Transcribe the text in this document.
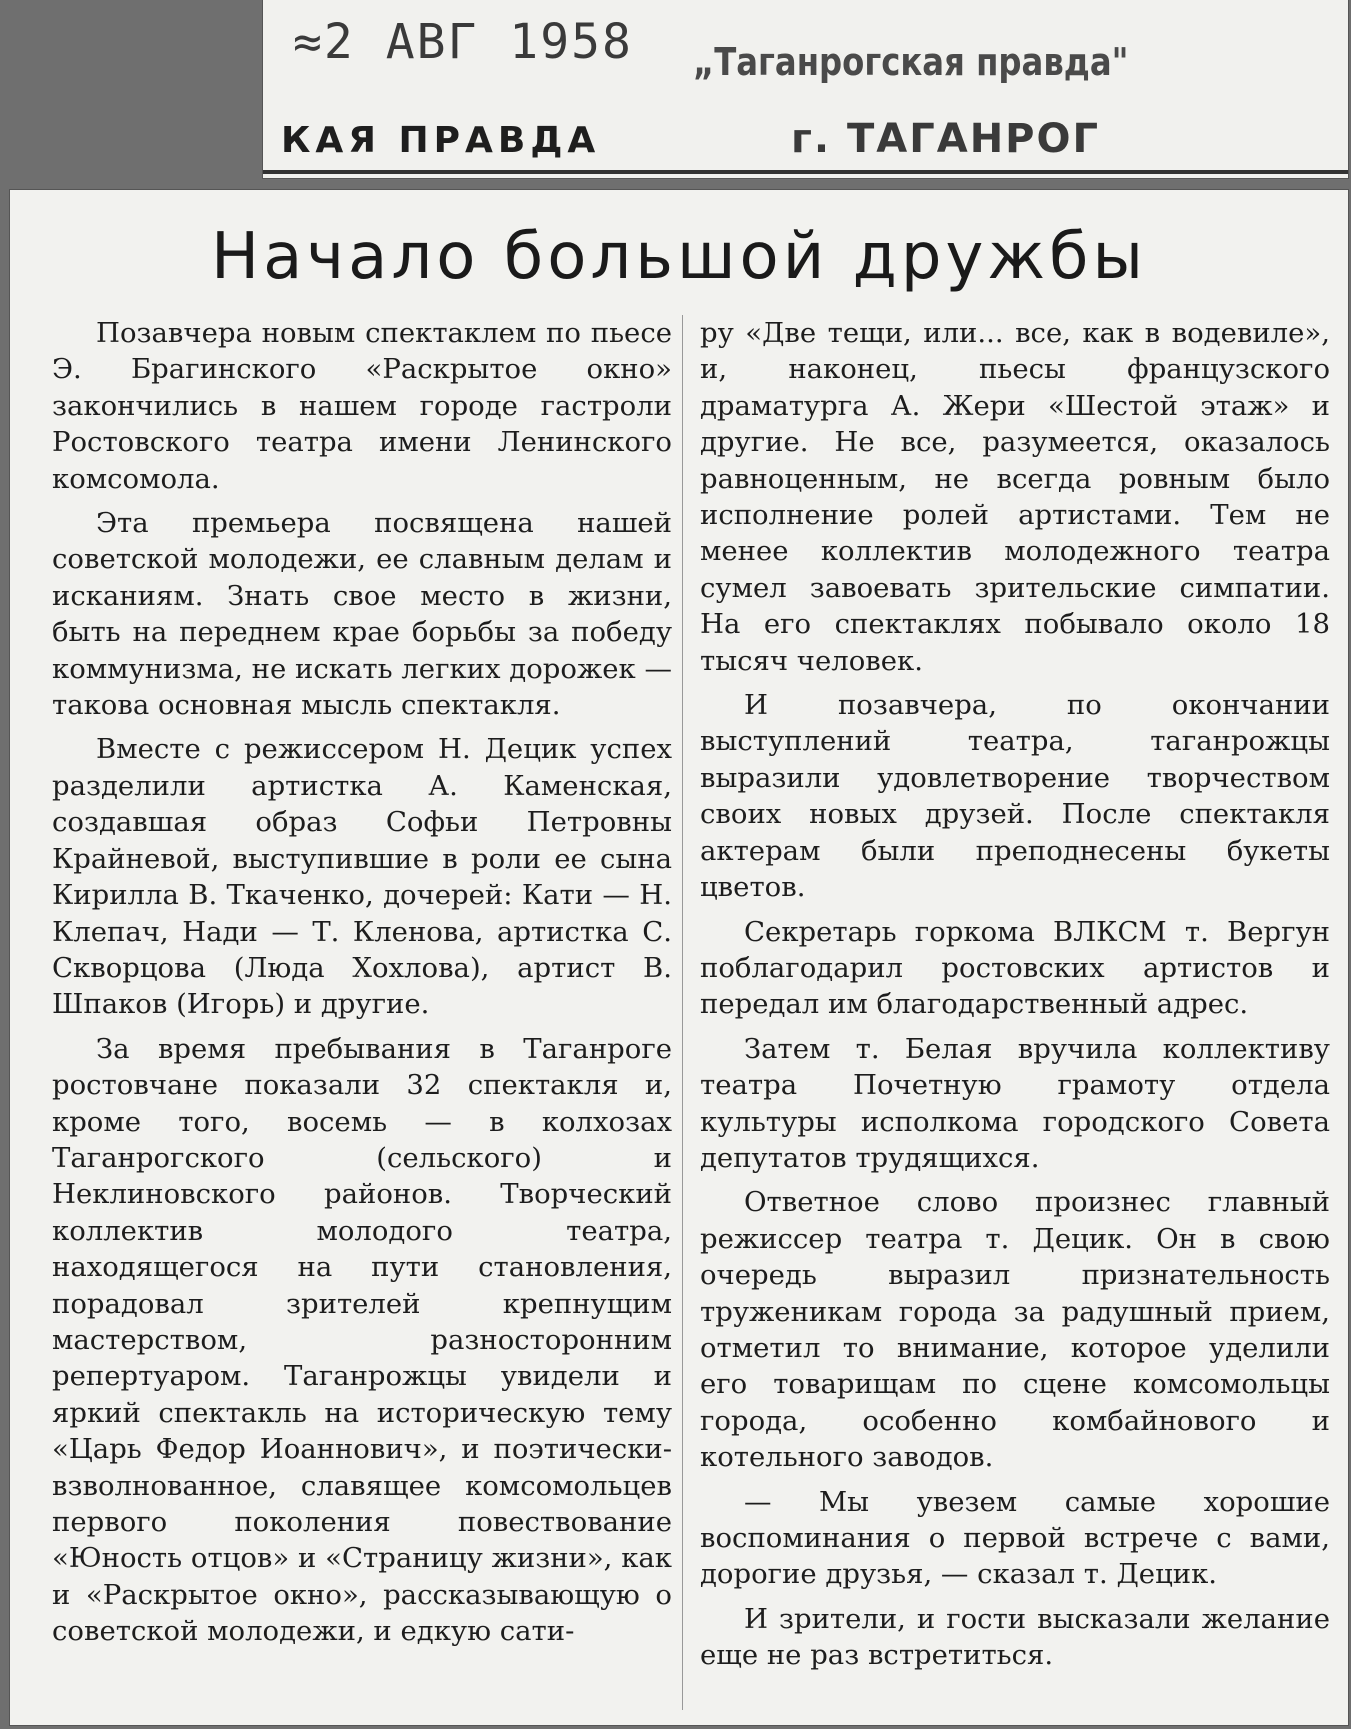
≈2 АВГ 1958 „Таганрогская правда"
КАЯ ПРАВДА	г. ТАГАНРОГ
Начало большой дружбы

Позавчера новым спектаклем по пьесе Э. Брагинского «Раскрытое окно» закончились в нашем городе гастроли Ростовского театра имени Ленинского комсомола.

Эта премьера посвящена нашей советской молодежи, ее славным делам и исканиям. Знать свое место в жизни, быть на переднем крае борьбы за победу коммунизма, не искать легких дорожек — такова основная мысль спектакля.

Вместе с режиссером Н. Децик успех разделили артистка А. Каменская, создавшая образ Софьи Петровны Крайневой, выступившие в роли ее сына Кирилла В. Ткаченко, дочерей: Кати — Н. Клепач, Нади — Т. Кленова, артистка С. Скворцова (Люда Хохлова), артист В. Шпаков (Игорь) и другие.

За время пребывания в Таганроге ростовчане показали 32 спектакля и, кроме того, восемь — в колхозах Таганрогского (сельского) и Неклиновского районов. Творческий коллектив молодого театра, находящегося на пути становления, порадовал зрителей крепнущим мастерством, разносторонним репертуаром. Таганрожцы увидели и яркий спектакль на историческую тему «Царь Федор Иоаннович», и поэтически-взволнованное, славящее комсомольцев первого поколения повествование «Юность отцов» и «Страницу жизни», как и «Раскрытое окно», рассказывающую о советской молодежи, и едкую сати-

ру «Две тещи, или... все, как в водевиле», и, наконец, пьесы французского драматурга А. Жери «Шестой этаж» и другие. Не все, разумеется, оказалось равноценным, не всегда ровным было исполнение ролей артистами. Тем не менее коллектив молодежного театра сумел завоевать зрительские симпатии. На его спектаклях побывало около 18 тысяч человек.

И позавчера, по окончании выступлений театра, таганрожцы выразили удовлетворение творчеством своих новых друзей. После спектакля актерам были преподнесены букеты цветов.

Секретарь горкома ВЛКСМ т. Вергун поблагодарил ростовских артистов и передал им благодарственный адрес.

Затем т. Белая вручила коллективу театра Почетную грамоту отдела культуры исполкома городского Совета депутатов трудящихся.

Ответное слово произнес главный режиссер театра т. Децик. Он в свою очередь выразил признательность труженикам города за радушный прием, отметил то внимание, которое уделили его товарищам по сцене комсомольцы города, особенно комбайнового и котельного заводов.

— Мы увезем самые хорошие воспоминания о первой встрече с вами, дорогие друзья, — сказал т. Децик.

И зрители, и гости высказали желание еще не раз встретиться.
